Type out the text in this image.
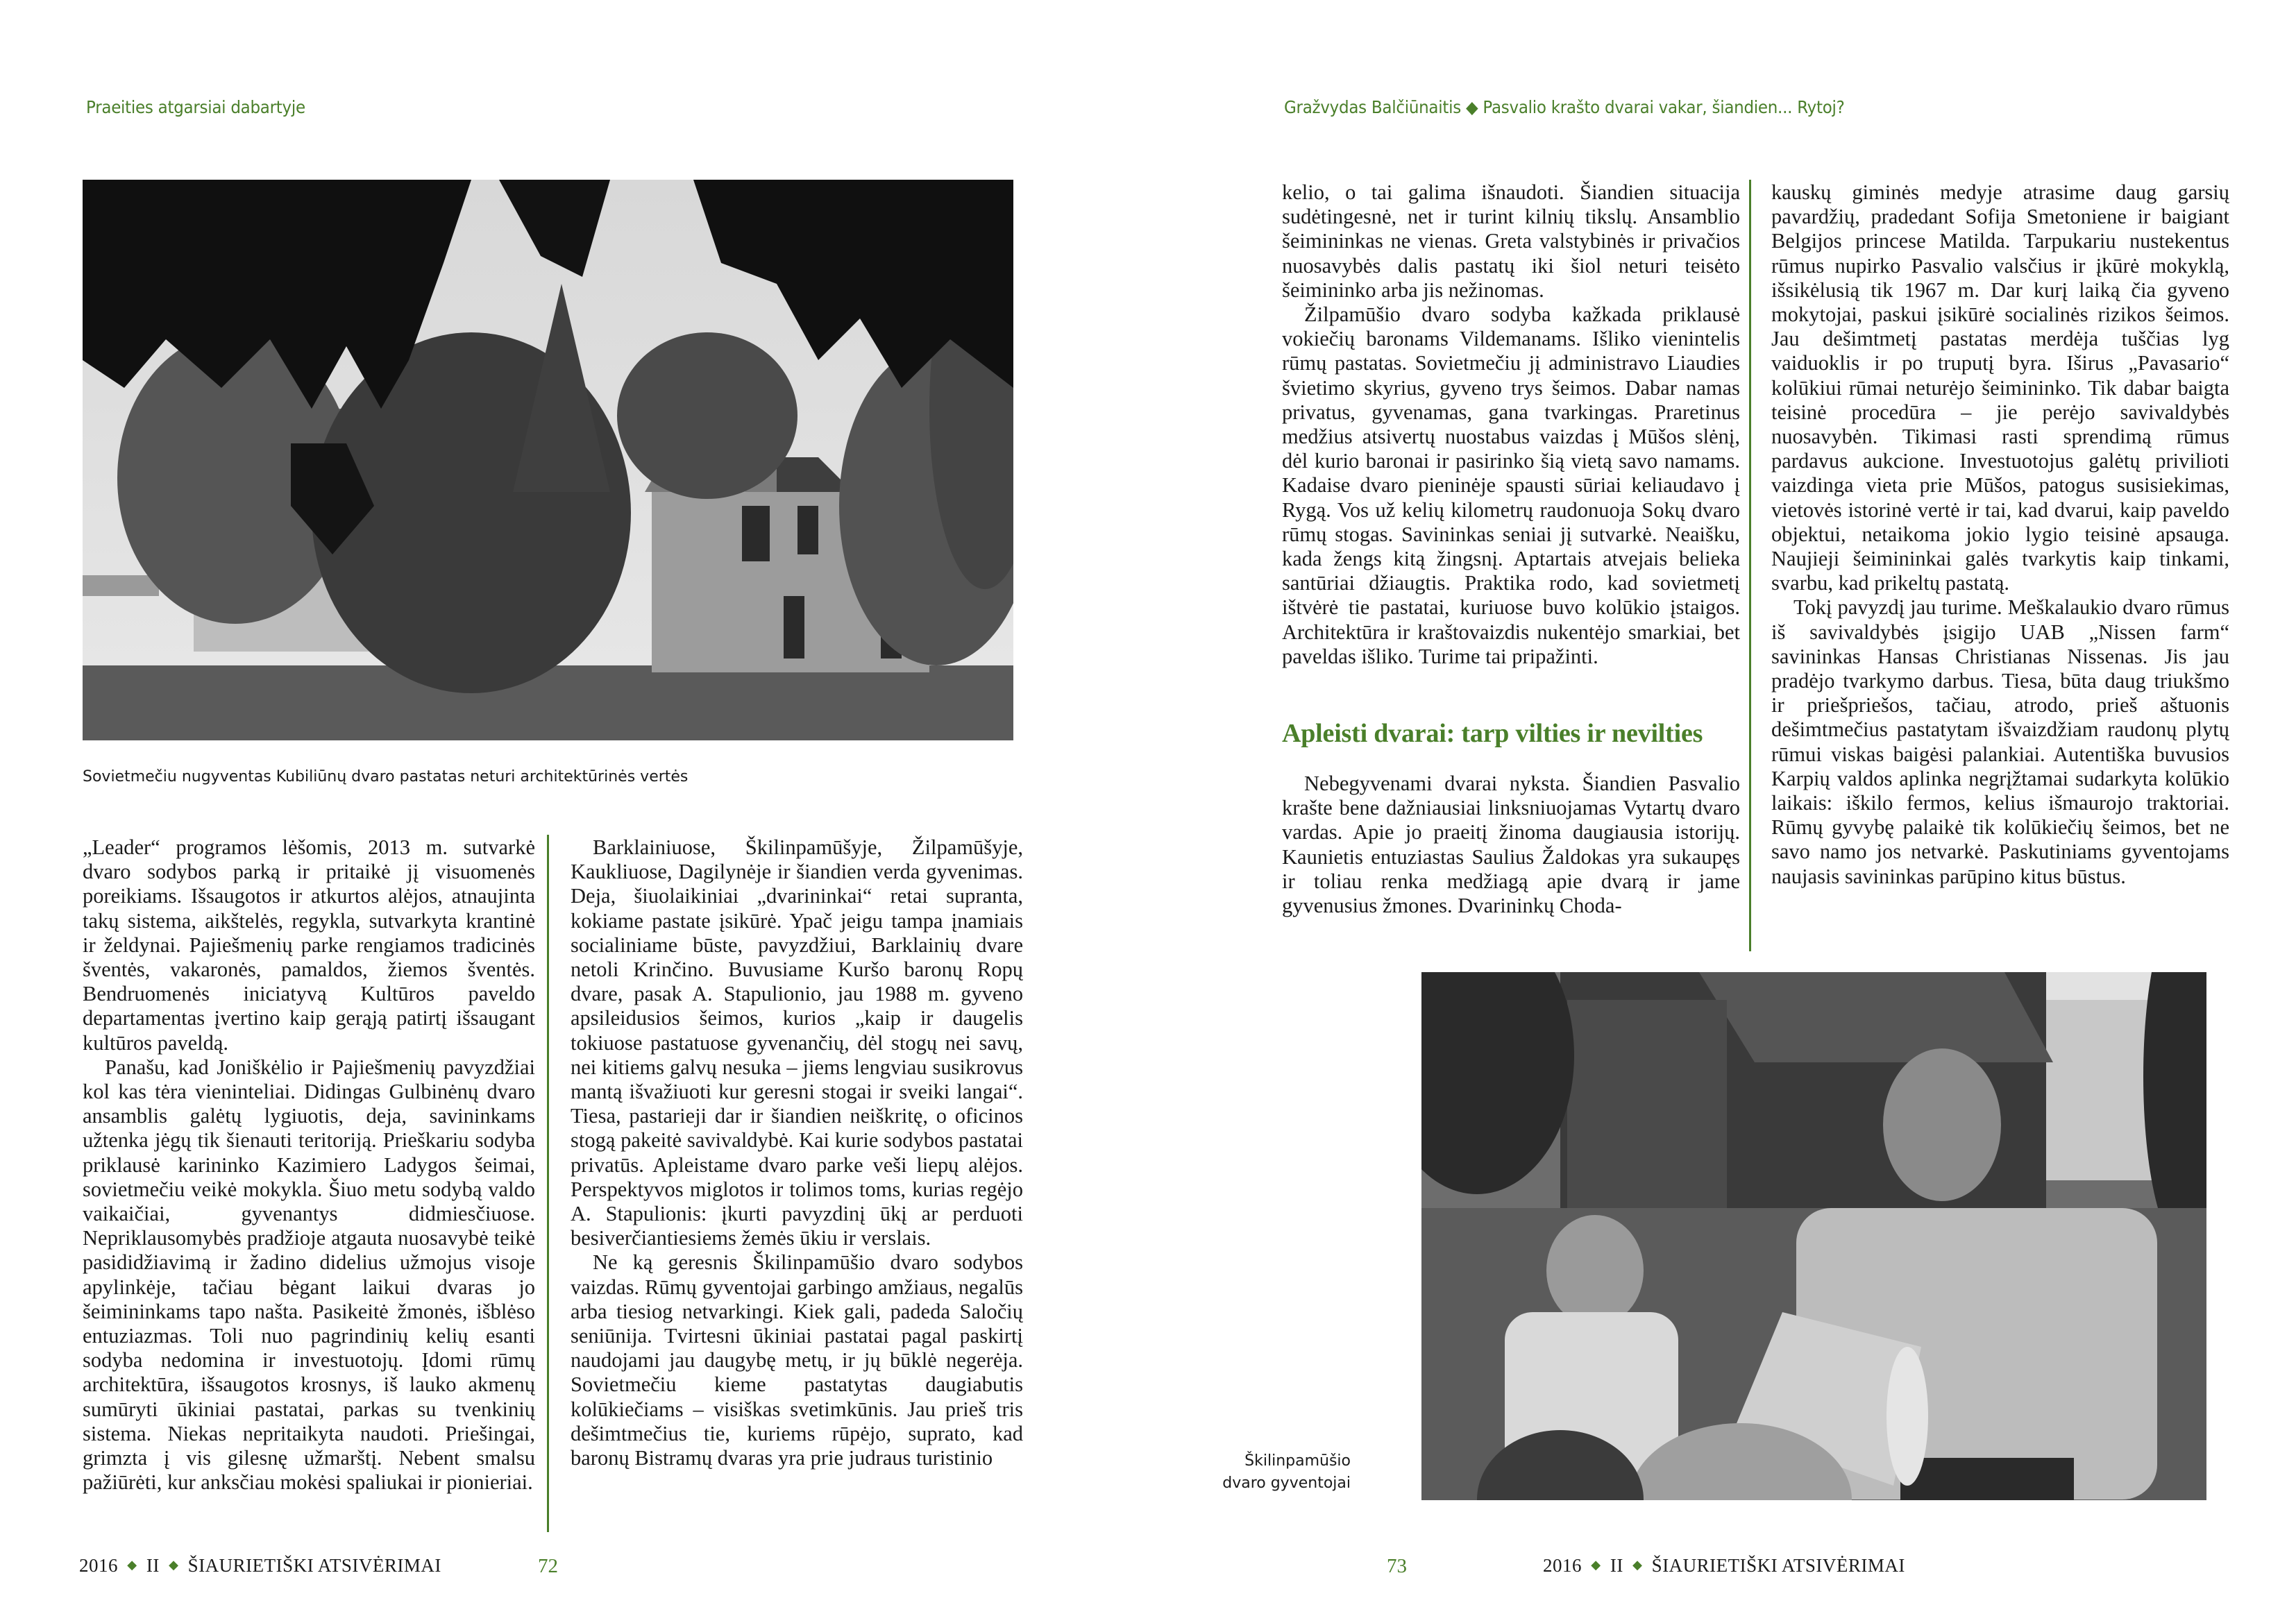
Praeities atgarsiai dabartyje
Sovietmečiu nugyventas Kubiliūnų dvaro pastatas neturi architektūrinės vertės

„Leader“ programos lėšomis, 2013 m. sutvarkė dvaro sodybos parką ir pritaikė jį visuomenės poreikiams. Išsaugotos ir atkurtos alėjos, atnaujinta takų sistema, aikštelės, regykla, sutvarkyta krantinė ir želdynai. Pajiešmenių parke rengiamos tradicinės šventės, vakaronės, pamaldos, žiemos šventės. Bendruomenės iniciatyvą Kultūros paveldo departamentas įvertino kaip gerąją patirtį išsaugant kultūros paveldą.

Panašu, kad Joniškėlio ir Pajiešmenių pavyzdžiai kol kas tėra vieninteliai. Didingas Gulbinėnų dvaro ansamblis galėtų lygiuotis, deja, savininkams užtenka jėgų tik šienauti teritoriją. Prieškariu sodyba priklausė karininko Kazimiero Ladygos šeimai, sovietmečiu veikė mokykla. Šiuo metu sodybą valdo vaikaičiai, gyvenantys didmiesčiuose. Nepriklausomybės pradžioje atgauta nuosavybė teikė pasididžiavimą ir žadino didelius užmojus visoje apylinkėje, tačiau bėgant laikui dvaras jo šeimininkams tapo našta. Pasikeitė žmonės, išblėso entuziazmas. Toli nuo pagrindinių kelių esanti sodyba nedomina ir investuotojų. Įdomi rūmų architektūra, išsaugotos krosnys, iš lauko akmenų sumūryti ūkiniai pastatai, parkas su tvenkinių sistema. Niekas nepritaikyta naudoti. Priešingai, grimzta į vis gilesnę užmarštį. Nebent smalsu pažiūrėti, kur anksčiau mokėsi spaliukai ir pionieriai.

Barklainiuose, Škilinpamūšyje, Žilpamūšyje, Kaukliuose, Dagilynėje ir šiandien verda gyvenimas. Deja, šiuolaikiniai „dvarininkai“ retai supranta, kokiame pastate įsikūrė. Ypač jeigu tampa įnamiais socialiniame būste, pavyzdžiui, Barklainių dvare netoli Krinčino. Buvusiame Kuršo baronų Ropų dvare, pasak A. Stapulionio, jau 1988 m. gyveno apsileidusios šeimos, kurios „kaip ir daugelis tokiuose pastatuose gyvenančių, dėl stogų nei savų, nei kitiems galvų nesuka – jiems lengviau susikrovus mantą išvažiuoti kur geresni stogai ir sveiki langai“. Tiesa, pastarieji dar ir šiandien neiškritę, o oficinos stogą pakeitė savivaldybė. Kai kurie sodybos pastatai privatūs. Apleistame dvaro parke veši liepų alėjos. Perspektyvos miglotos ir tolimos toms, kurias regėjo A. Stapulionis: įkurti pavyzdinį ūkį ar perduoti besiverčiantiesiems žemės ūkiu ir verslais.

Ne ką geresnis Škilinpamūšio dvaro sodybos vaizdas. Rūmų gyventojai garbingo amžiaus, negalūs arba tiesiog netvarkingi. Kiek gali, padeda Saločių seniūnija. Tvirtesni ūkiniai pastatai pagal paskirtį naudojami jau daugybę metų, ir jų būklė negerėja. Sovietmečiu kieme pastatytas daugiabutis kolūkiečiams – visiškas svetimkūnis. Jau prieš tris dešimtmečius tie, kuriems rūpėjo, suprato, kad baronų Bistramų dvaras yra prie judraus turistinio

2016 ◆ II ◆ ŠIAURIETIŠKI ATSIVĖRIMAI	72
Gražvydas Balčiūnaitis ◆ Pasvalio krašto dvarai vakar, šiandien... Rytoj?

kelio, o tai galima išnaudoti. Šiandien situacija sudėtingesnė, net ir turint kilnių tikslų. Ansamblio šeimininkas ne vienas. Greta valstybinės ir privačios nuosavybės dalis pastatų iki šiol neturi teisėto šeimininko arba jis nežinomas.

Žilpamūšio dvaro sodyba kažkada priklausė vokiečių baronams Vildemanams. Išliko vienintelis rūmų pastatas. Sovietmečiu jį administravo Liaudies švietimo skyrius, gyveno trys šeimos. Dabar namas privatus, gyvenamas, gana tvarkingas. Praretinus medžius atsivertų nuostabus vaizdas į Mūšos slėnį, dėl kurio baronai ir pasirinko šią vietą savo namams. Kadaise dvaro pieninėje spausti sūriai keliaudavo į Rygą. Vos už kelių kilometrų raudonuoja Sokų dvaro rūmų stogas. Savininkas seniai jį sutvarkė. Neaišku, kada žengs kitą žingsnį. Aptartais atvejais belieka santūriai džiaugtis. Praktika rodo, kad sovietmetį ištvėrė tie pastatai, kuriuose buvo kolūkio įstaigos. Architektūra ir kraštovaizdis nukentėjo smarkiai, bet paveldas išliko. Turime tai pripažinti.

Apleisti dvarai: tarp vilties ir nevilties

Nebegyvenami dvarai nyksta. Šiandien Pasvalio krašte bene dažniausiai linksniuojamas Vytartų dvaro vardas. Apie jo praeitį žinoma daugiausia istorijų. Kaunietis entuziastas Saulius Žaldokas yra sukaupęs ir toliau renka medžiagą apie dvarą ir jame gyvenusius žmones. Dvarininkų Choda-

kauskų giminės medyje atrasime daug garsių pavardžių, pradedant Sofija Smetoniene ir baigiant Belgijos princese Matilda. Tarpukariu nustekentus rūmus nupirko Pasvalio valsčius ir įkūrė mokyklą, išsikėlusią tik 1967 m. Dar kurį laiką čia gyveno mokytojai, paskui įsikūrė socialinės rizikos šeimos. Jau dešimtmetį pastatas merdėja tuščias lyg vaiduoklis ir po truputį byra. Iširus „Pavasario“ kolūkiui rūmai neturėjo šeimininko. Tik dabar baigta teisinė procedūra – jie perėjo savivaldybės nuosavybėn. Tikimasi rasti sprendimą rūmus pardavus aukcione. Investuotojus galėtų privilioti vaizdinga vieta prie Mūšos, patogus susisiekimas, vietovės istorinė vertė ir tai, kad dvarui, kaip paveldo objektui, netaikoma jokio lygio teisinė apsauga. Naujieji šeimininkai galės tvarkytis kaip tinkami, svarbu, kad prikeltų pastatą.

Tokį pavyzdį jau turime. Meškalaukio dvaro rūmus iš savivaldybės įsigijo UAB „Nissen farm“ savininkas Hansas Christianas Nissenas. Jis jau pradėjo tvarkymo darbus. Tiesa, būta daug triukšmo ir priešpriešos, tačiau, atrodo, prieš aštuonis dešimtmečius pastatytam išvaizdžiam raudonų plytų rūmui viskas baigėsi palankiai. Autentiška buvusios Karpių valdos aplinka negrįžtamai sudarkyta kolūkio laikais: iškilo fermos, kelius išmaurojo traktoriai. Rūmų gyvybę palaikė tik kolūkiečių šeimos, bet ne savo namo jos netvarkė. Paskutiniams gyventojams naujasis savininkas parūpino kitus būstus.

Škilinpamūšio
dvaro gyventojai
73	2016 ◆ II ◆ ŠIAURIETIŠKI ATSIVĖRIMAI
